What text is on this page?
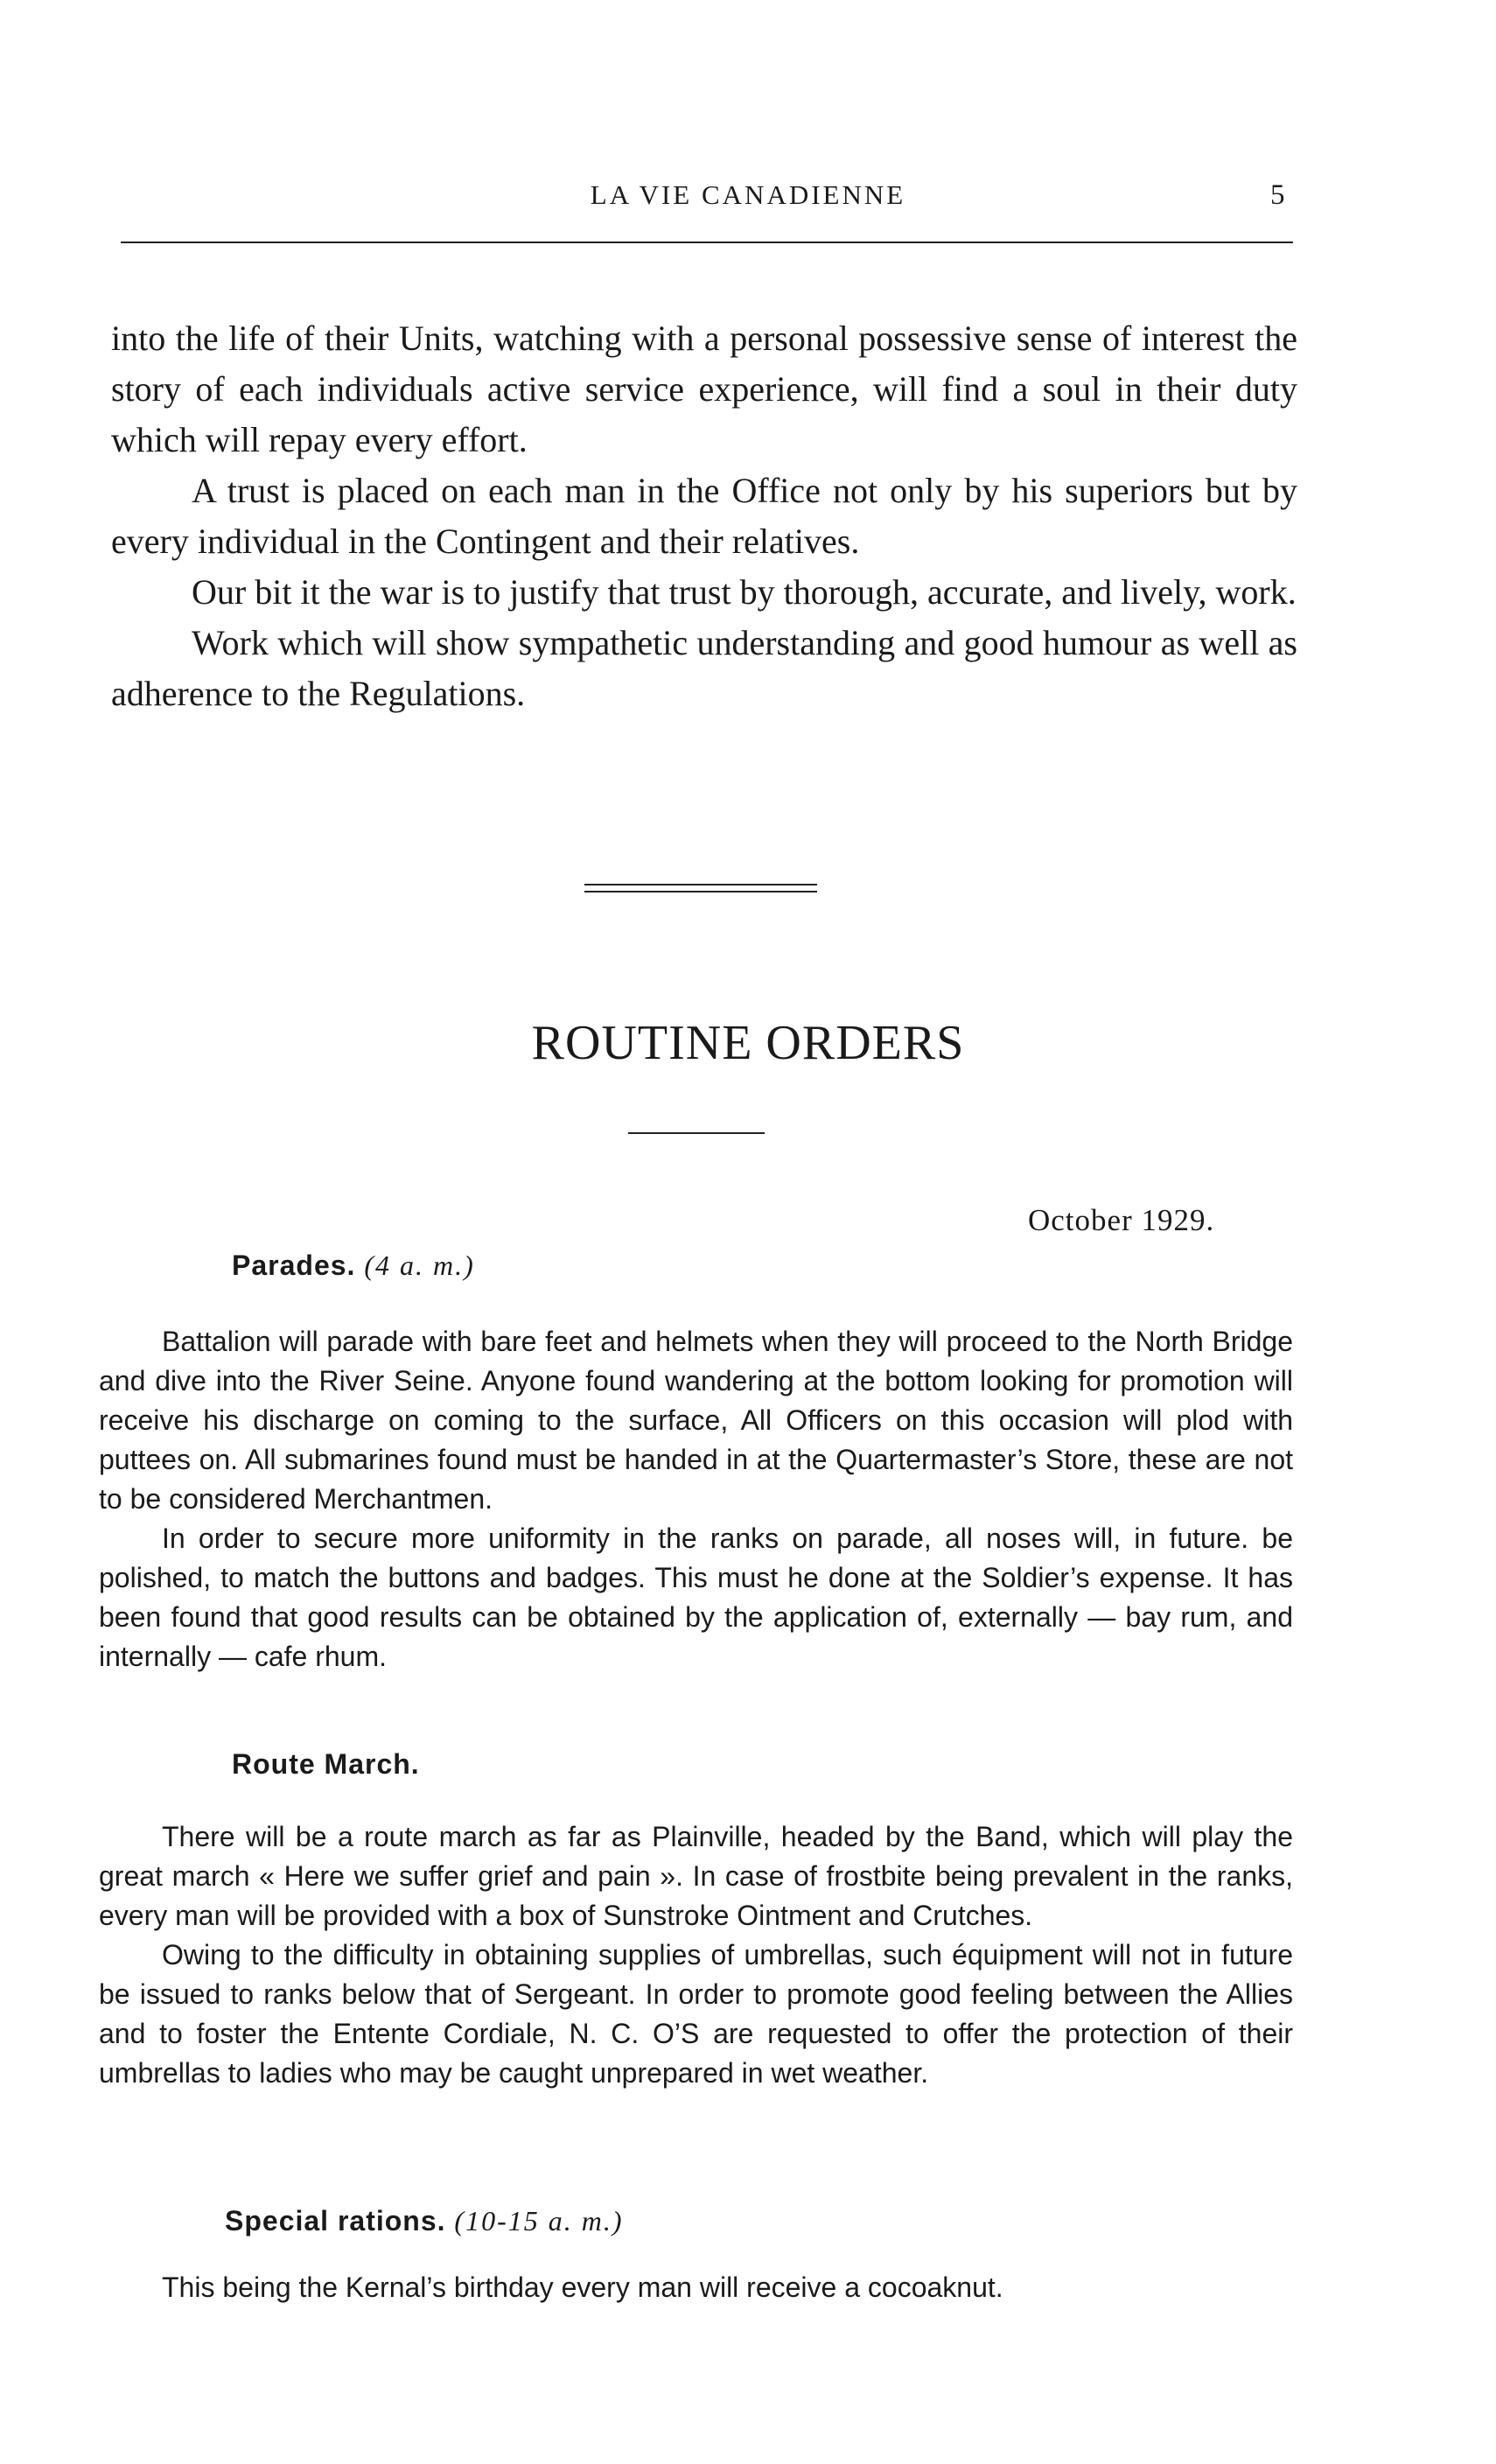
LA VIE CANADIENNE	5

into the life of their Units, watching with a personal possessive sense of interest the story of each individuals active service experience, will find a soul in their duty which will repay every effort.

A trust is placed on each man in the Office not only by his superiors but by every individual in the Contingent and their relatives.

Our bit it the war is to justify that trust by thorough, accurate, and lively, work.

Work which will show sympathetic understanding and good humour as well as adherence to the Regulations.

ROUTINE ORDERS
October 1929.
Parades. (4 a. m.)

Battalion will parade with bare feet and helmets when they will proceed to the North Bridge and dive into the River Seine. Anyone found wandering at the bottom looking for promotion will receive his discharge on coming to the surface, All Officers on this occasion will plod with puttees on. All submarines found must be handed in at the Quartermaster’s Store, these are not to be considered Merchantmen.

In order to secure more uniformity in the ranks on parade, all noses will, in future. be polished, to match the buttons and badges. This must he done at the Soldier’s expense. It has been found that good results can be obtained by the application of, externally — bay rum, and internally — cafe rhum.

Route March.

There will be a route march as far as Plainville, headed by the Band, which will play the great march « Here we suffer grief and pain ». In case of frostbite being prevalent in the ranks, every man will be provided with a box of Sunstroke Ointment and Crutches.

Owing to the difficulty in obtaining supplies of umbrellas, such équipment will not in future be issued to ranks below that of Sergeant. In order to promote good feeling between the Allies and to foster the Entente Cordiale, N. C. O’S are requested to offer the protection of their umbrellas to ladies who may be caught unprepared in wet weather.

Special rations. (10-15 a. m.)

This being the Kernal’s birthday every man will receive a cocoaknut.
